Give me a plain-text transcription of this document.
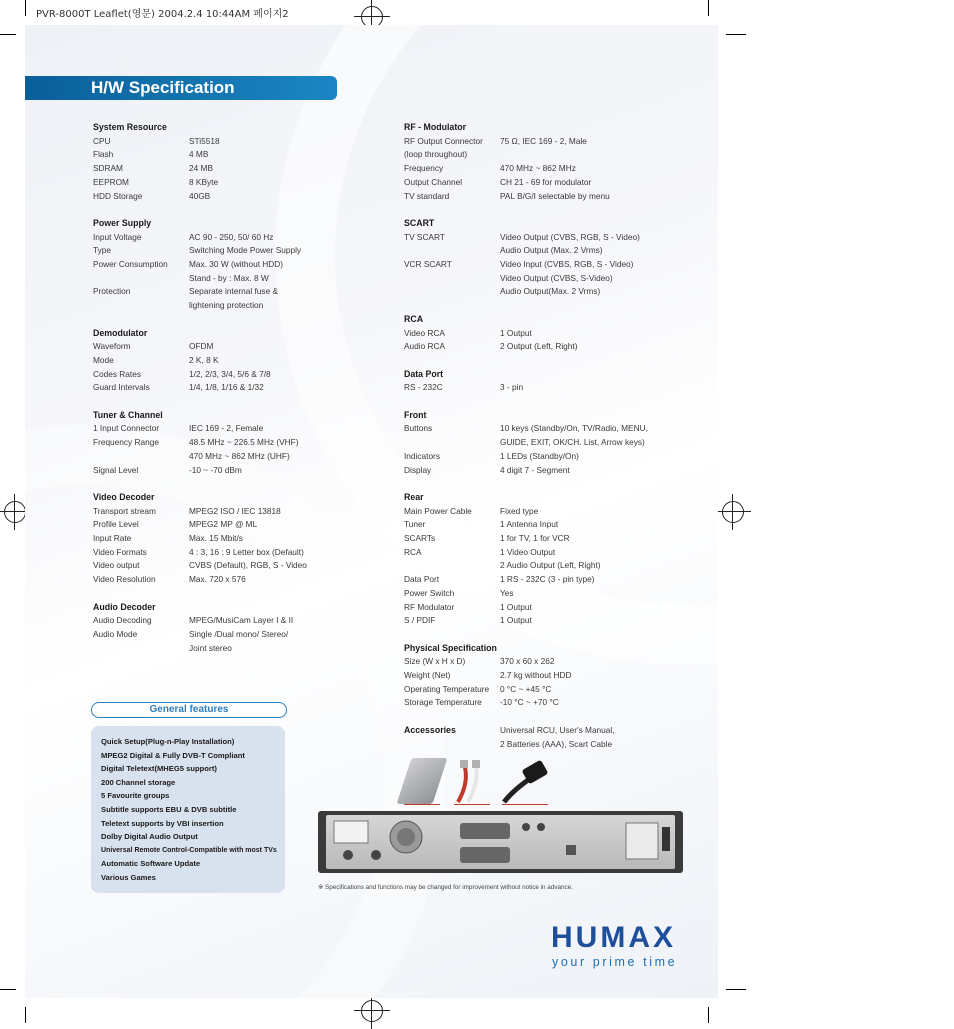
PVR-8000T Leaflet(영문) 2004.2.4 10:44AM 페이지2
H/W Specification
System Resource
CPU	STi5518
Flash	4 MB
SDRAM	24 MB
EEPROM	8 KByte
HDD Storage	40GB
Power Supply
Input Voltage	AC 90 - 250, 50/ 60 Hz
Type	Switching Mode Power Supply
Power Consumption	Max. 30 W (without HDD)
Stand - by : Max. 8 W
Protection	Separate internal fuse &
lightening protection
Demodulator
Waveform	OFDM
Mode	2 K, 8 K
Codes Rates	1/2, 2/3, 3/4, 5/6 & 7/8
Guard Intervals	1/4, 1/8, 1/16 & 1/32
Tuner & Channel
1 Input Connector	IEC 169 - 2, Female
Frequency Range	48.5 MHz ~ 226.5 MHz (VHF)
470 MHz ~ 862 MHz (UHF)
Signal Level	-10 ~ -70 dBm
Video Decoder
Transport stream	MPEG2 ISO / IEC 13818
Profile Level	MPEG2 MP @ ML
Input Rate	Max. 15 Mbit/s
Video Formats	4 : 3, 16 : 9 Letter box (Default)
Video output	CVBS (Default), RGB, S - Video
Video Resolution	Max. 720 x 576
Audio Decoder
Audio Decoding	MPEG/MusiCam Layer I & II
Audio Mode	Single /Dual mono/ Stereo/
Joint stereo
RF - Modulator
RF Output Connector	75 Ω, IEC 169 - 2, Male
(loop throughout)
Frequency	470 MHz ~ 862 MHz
Output Channel	CH 21 - 69 for modulator
TV standard	PAL B/G/I selectable by menu
SCART
TV SCART	Video Output (CVBS, RGB, S - Video)
Audio Output (Max. 2 Vrms)
VCR SCART	Video Input (CVBS, RGB, S - Video)
Video Output (CVBS, S-Video)
Audio Output(Max. 2 Vrms)
RCA
Video RCA	1 Output
Audio RCA	2 Output (Left, Right)
Data Port
RS - 232C	3 - pin
Front
Buttons	10 keys (Standby/On, TV/Radio, MENU,
GUIDE, EXIT, OK/CH. List, Arrow keys)
Indicators	1 LEDs (Standby/On)
Display	4 digit 7 - Segment
Rear
Main Power Cable	Fixed type
Tuner	1 Antenna Input
SCARTs	1 for TV, 1 for VCR
RCA	1 Video Output
2 Audio Output (Left, Right)
Data Port	1 RS - 232C (3 - pin type)
Power Switch	Yes
RF Modulator	1 Output
S / PDIF	1 Output
Physical Specification
Size (W x H x D)	370 x 60 x 262
Weight (Net)	2.7 kg without HDD
Operating Temperature	0 °C ~ +45 °C
Storage Temperature	-10 °C ~ +70 °C
Accessories	Universal RCU, User's Manual,
2 Batteries (AAA), Scart Cable
General features
Quick Setup(Plug-n-Play Installation)
MPEG2 Digital & Fully DVB-T Compliant
Digital Teletext(MHEG5 support)
200 Channel storage
5 Favourite groups
Subtitle supports EBU & DVB subtitle
Teletext supports by VBI insertion
Dolby Digital Audio Output
Universal Remote Control-Compatible with most TVs
Automatic Software Update
Various Games
※ Specifications and functions may be changed for improvement without notice in advance.
HUMAX
your prime time
